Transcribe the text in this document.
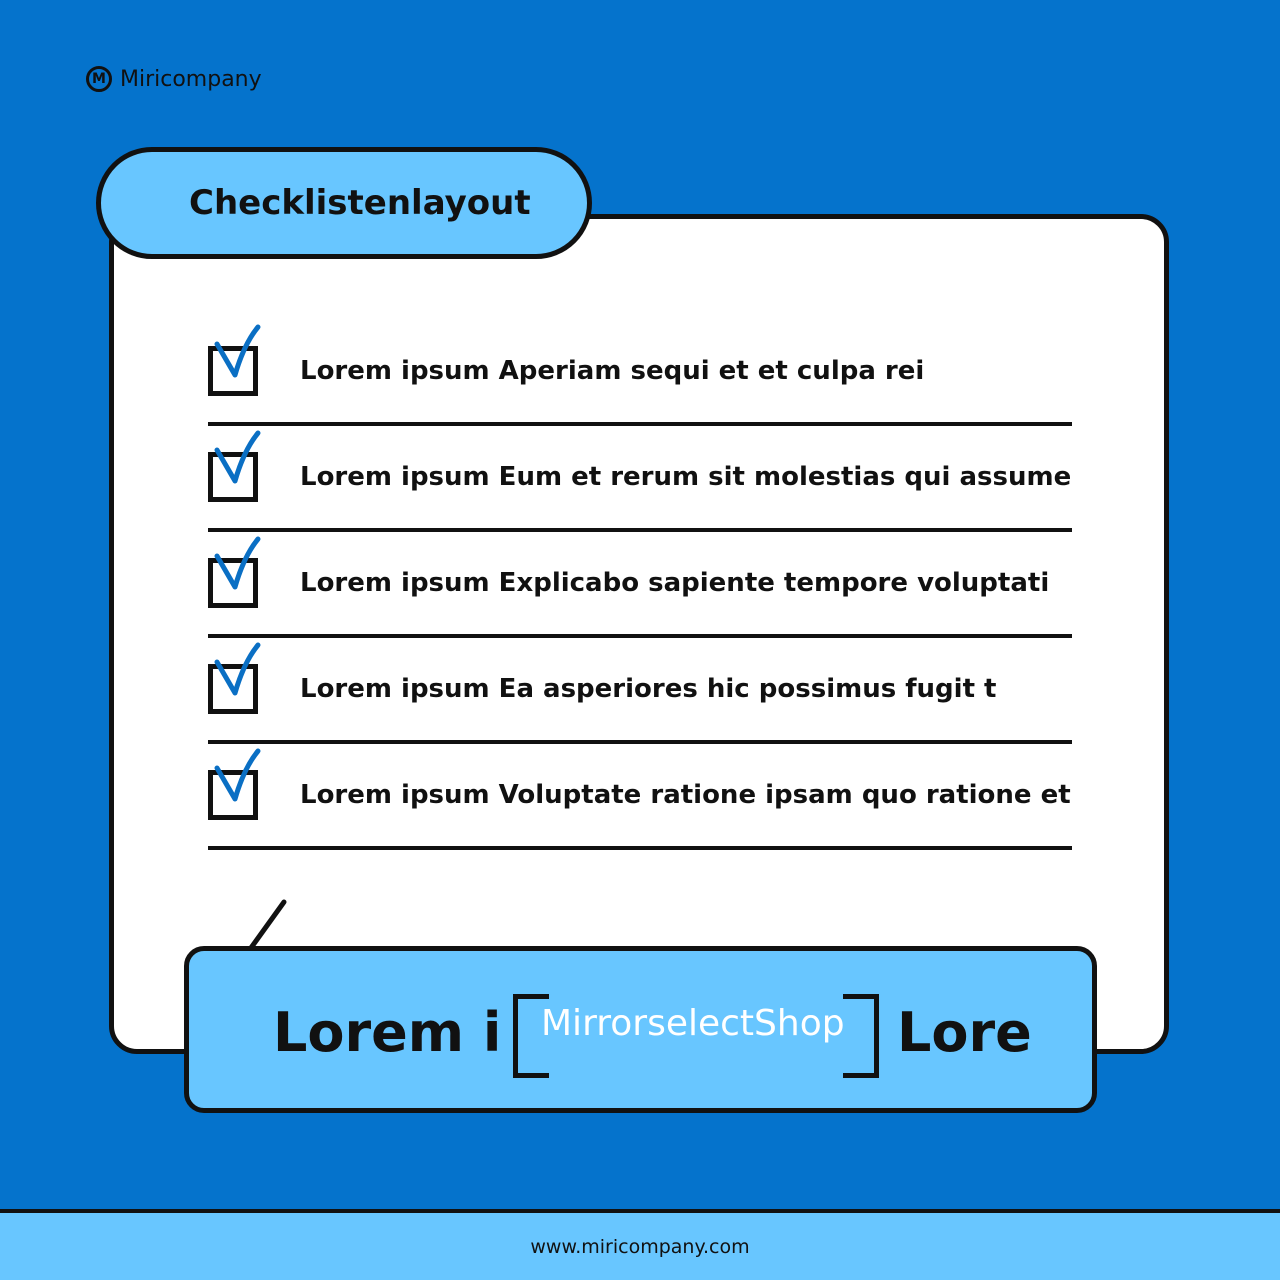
M Miricompany
Checklistenlayout
Lorem ipsum Aperiam sequi et et culpa rei
Lorem ipsum Eum et rerum sit molestias qui assume
Lorem ipsum Explicabo sapiente tempore voluptati
Lorem ipsum Ea asperiores hic possimus fugit t
Lorem ipsum Voluptate ratione ipsam quo ratione et
Lorem i MirrorselectShop Lore
www.miricompany.com
